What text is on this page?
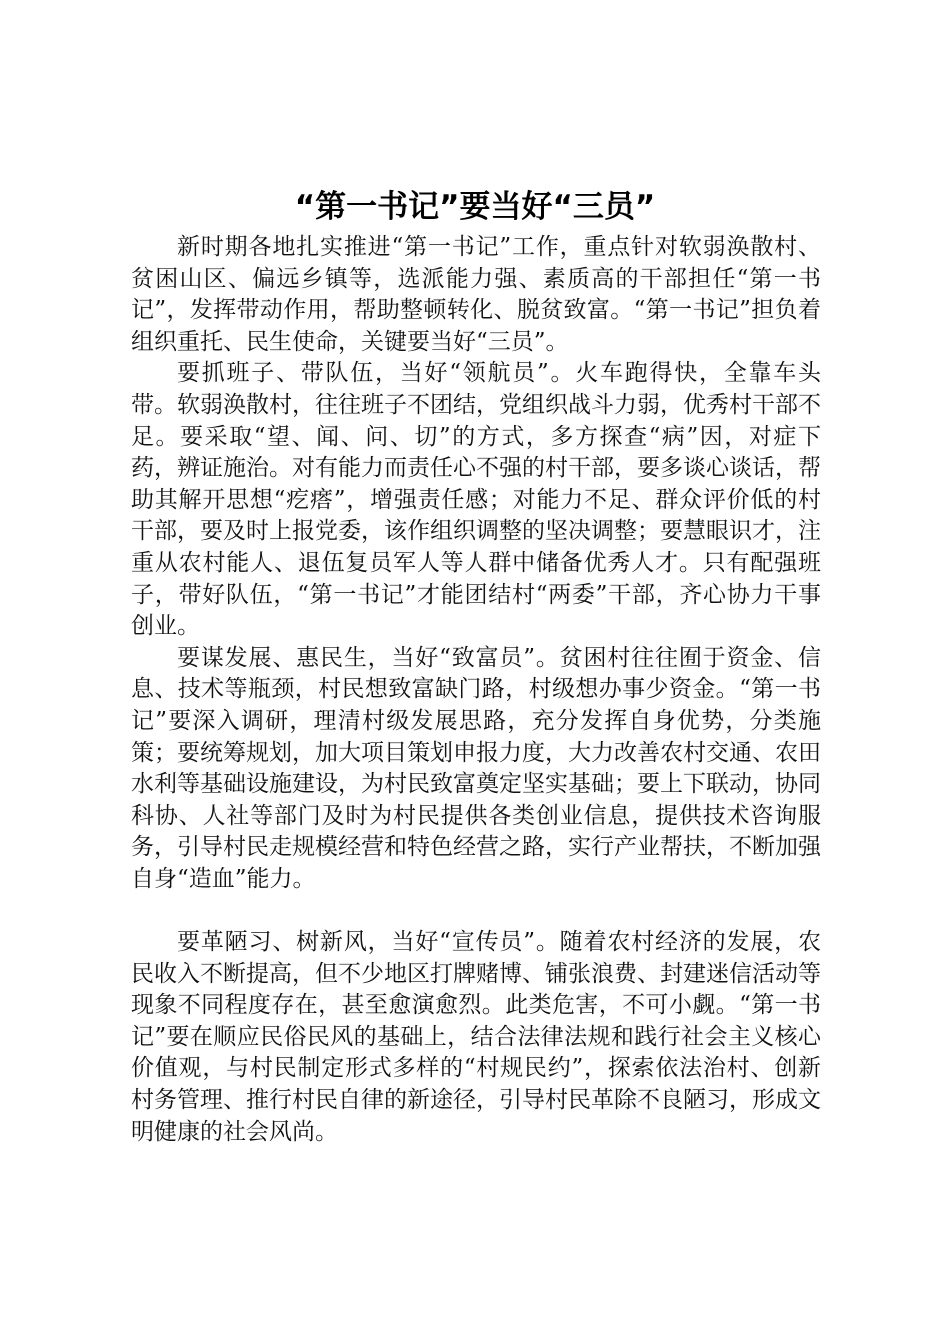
“第一书记”要当好“三员”

新时期各地扎实推进“第一书记”工作，重点针对软弱涣散村、贫困山区、偏远乡镇等，选派能力强、素质高的干部担任“第一书记”，发挥带动作用，帮助整顿转化、脱贫致富。“第一书记”担负着组织重托、民生使命，关键要当好“三员”。

要抓班子、带队伍，当好“领航员”。火车跑得快，全靠车头带。软弱涣散村，往往班子不团结，党组织战斗力弱，优秀村干部不足。要采取“望、闻、问、切”的方式，多方探查“病”因，对症下药，辨证施治。对有能力而责任心不强的村干部，要多谈心谈话，帮助其解开思想“疙瘩”，增强责任感；对能力不足、群众评价低的村干部，要及时上报党委，该作组织调整的坚决调整；要慧眼识才，注重从农村能人、退伍复员军人等人群中储备优秀人才。只有配强班子，带好队伍，“第一书记”才能团结村“两委”干部，齐心协力干事创业。

要谋发展、惠民生，当好“致富员”。贫困村往往囿于资金、信息、技术等瓶颈，村民想致富缺门路，村级想办事少资金。“第一书记”要深入调研，理清村级发展思路，充分发挥自身优势，分类施策；要统筹规划，加大项目策划申报力度，大力改善农村交通、农田水利等基础设施建设，为村民致富奠定坚实基础；要上下联动，协同科协、人社等部门及时为村民提供各类创业信息，提供技术咨询服务，引导村民走规模经营和特色经营之路，实行产业帮扶，不断加强自身“造血”能力。

要革陋习、树新风，当好“宣传员”。随着农村经济的发展，农民收入不断提高，但不少地区打牌赌博、铺张浪费、封建迷信活动等现象不同程度存在，甚至愈演愈烈。此类危害，不可小觑。“第一书记”要在顺应民俗民风的基础上，结合法律法规和践行社会主义核心价值观，与村民制定形式多样的“村规民约”，探索依法治村、创新村务管理、推行村民自律的新途径，引导村民革除不良陋习，形成文明健康的社会风尚。
